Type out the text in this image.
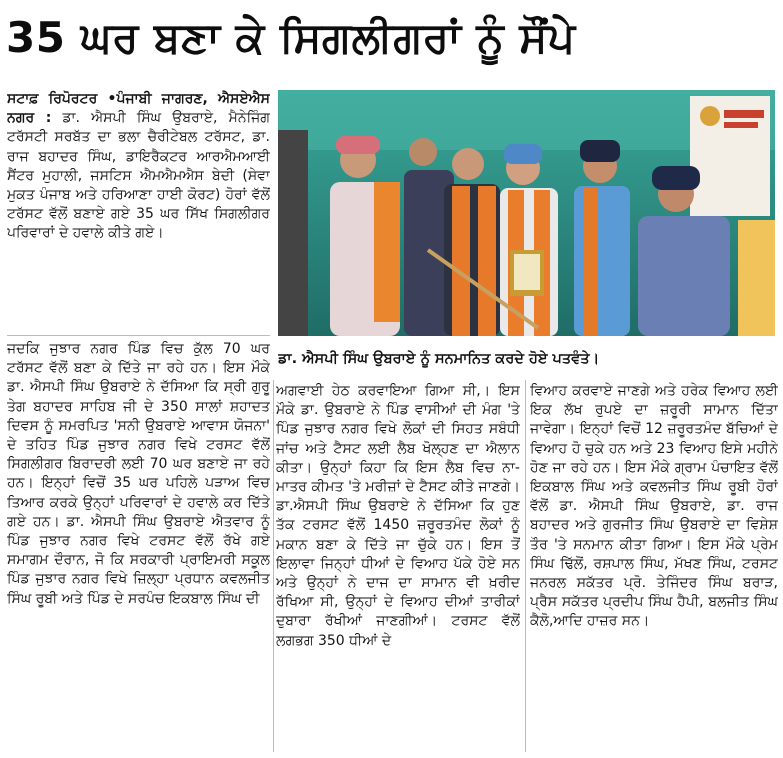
35 ਘਰ ਬਣਾ ਕੇ ਸਿਗਲੀਗਰਾਂ ਨੂੰ ਸੌਂਪੇ

ਸਟਾਫ਼ ਰਿਪੋਰਟਰ •ਪੰਜਾਬੀ ਜਾਗਰਣ, ਐਸਏਐਸ ਨਗਰ : ਡਾ. ਐਸਪੀ ਸਿੰਘ ਉਬਰਾਏ, ਮੈਨੇਜਿੰਗ ਟਰੱਸਟੀ ਸਰਬੱਤ ਦਾ ਭਲਾ ਚੈਰੀਟੇਬਲ ਟਰੱਸਟ, ਡਾ. ਰਾਜ ਬਹਾਦਰ ਸਿੰਘ, ਡਾਇਰੈਕਟਰ ਆਰਐਮਆਈ ਸੈਂਟਰ ਮੁਹਾਲੀ, ਜਸਟਿਸ ਐਮਐਮਐਸ ਬੇਦੀ (ਸੇਵਾ ਮੁਕਤ ਪੰਜਾਬ ਅਤੇ ਹਰਿਆਣਾ ਹਾਈ ਕੋਰਟ) ਹੋਰਾਂ ਵੱਲੋਂ ਟਰੱਸਟ ਵੱਲੋਂ ਬਣਾਏ ਗਏ 35 ਘਰ ਸਿੱਖ ਸਿਗਲੀਗਰ ਪਰਿਵਾਰਾਂ ਦੇ ਹਵਾਲੇ ਕੀਤੇ ਗਏ।

ਡਾ. ਐਸਪੀ ਸਿੰਘ ਉਬਰਾਏ ਨੂੰ ਸਨਮਾਨਿਤ ਕਰਦੇ ਹੋਏ ਪਤਵੰਤੇ।

ਜਦਕਿ ਜੁਝਾਰ ਨਗਰ ਪਿੰਡ ਵਿਚ ਕੁੱਲ 70 ਘਰ ਟਰੱਸਟ ਵੱਲੋਂ ਬਣਾ ਕੇ ਦਿੱਤੇ ਜਾ ਰਹੇ ਹਨ। ਇਸ ਮੌਕੇ ਡਾ. ਐਸਪੀ ਸਿੰਘ ਉਬਰਾਏ ਨੇ ਦੱਸਿਆ ਕਿ ਸ੍ਰੀ ਗੁਰੂ ਤੇਗ ਬਹਾਦਰ ਸਾਹਿਬ ਜੀ ਦੇ 350 ਸਾਲਾਂ ਸ਼ਹਾਦਤ ਦਿਵਸ ਨੂੰ ਸਮਰਪਿਤ 'ਸਨੀ ਉਬਰਾਏ ਆਵਾਸ ਯੋਜਨਾ' ਦੇ ਤਹਿਤ ਪਿੰਡ ਜੁਝਾਰ ਨਗਰ ਵਿਖੇ ਟਰਸਟ ਵੱਲੋਂ ਸਿਗਲੀਗਰ ਬਿਰਾਦਰੀ ਲਈ 70 ਘਰ ਬਣਾਏ ਜਾ ਰਹੇ ਹਨ। ਇਨ੍ਹਾਂ ਵਿਚੋਂ 35 ਘਰ ਪਹਿਲੇ ਪੜਾਅ ਵਿਚ ਤਿਆਰ ਕਰਕੇ ਉਨ੍ਹਾਂ ਪਰਿਵਾਰਾਂ ਦੇ ਹਵਾਲੇ ਕਰ ਦਿੱਤੇ ਗਏ ਹਨ। ਡਾ. ਐਸਪੀ ਸਿੰਘ ਉਬਰਾਏ ਐਤਵਾਰ ਨੂੰ ਪਿੰਡ ਜੁਝਾਰ ਨਗਰ ਵਿਖੇ ਟਰਸਟ ਵੱਲੋਂ ਰੱਖੇ ਗਏ ਸਮਾਗਮ ਦੌਰਾਨ, ਜੋ ਕਿ ਸਰਕਾਰੀ ਪ੍ਰਾਇਮਰੀ ਸਕੂਲ ਪਿੰਡ ਜੁਝਾਰ ਨਗਰ ਵਿਖੇ ਜ਼ਿਲ੍ਹਾ ਪ੍ਰਧਾਨ ਕਵਲਜੀਤ ਸਿੰਘ ਰੂਬੀ ਅਤੇ ਪਿੰਡ ਦੇ ਸਰਪੰਚ ਇਕਬਾਲ ਸਿੰਘ ਦੀ

ਅਗਵਾਈ ਹੇਠ ਕਰਵਾਇਆ ਗਿਆ ਸੀ,। ਇਸ ਮੌਕੇ ਡਾ. ਉਬਰਾਏ ਨੇ ਪਿੰਡ ਵਾਸੀਆਂ ਦੀ ਮੰਗ 'ਤੇ ਪਿੰਡ ਜੁਝਾਰ ਨਗਰ ਵਿਖੇ ਲੋਕਾਂ ਦੀ ਸਿਹਤ ਸਬੰਧੀ ਜਾਂਚ ਅਤੇ ਟੈਸਟ ਲਈ ਲੈਬ ਖੋਲ੍ਹਣ ਦਾ ਐਲਾਨ ਕੀਤਾ। ਉਨ੍ਹਾਂ ਕਿਹਾ ਕਿ ਇਸ ਲੈਬ ਵਿਚ ਨਾ-ਮਾਤਰ ਕੀਮਤ 'ਤੇ ਮਰੀਜ਼ਾਂ ਦੇ ਟੈਸਟ ਕੀਤੇ ਜਾਣਗੇ। ਡਾ.ਐਸਪੀ ਸਿੰਘ ਉਬਰਾਏ ਨੇ ਦੱਸਿਆ ਕਿ ਹੁਣ ਤੱਕ ਟਰਸਟ ਵੱਲੋਂ 1450 ਜ਼ਰੂਰਤਮੰਦ ਲੋਕਾਂ ਨੂੰ ਮਕਾਨ ਬਣਾ ਕੇ ਦਿੱਤੇ ਜਾ ਚੁੱਕੇ ਹਨ। ਇਸ ਤੋਂ ਇਲਾਵਾ ਜਿਨ੍ਹਾਂ ਧੀਆਂ ਦੇ ਵਿਆਹ ਪੱਕੇ ਹੋਏ ਸਨ ਅਤੇ ਉਨ੍ਹਾਂ ਨੇ ਦਾਜ ਦਾ ਸਾਮਾਨ ਵੀ ਖ਼ਰੀਦ ਰੱਖਿਆ ਸੀ, ਉਨ੍ਹਾਂ ਦੇ ਵਿਆਹ ਦੀਆਂ ਤਾਰੀਕਾਂ ਦੁਬਾਰਾ ਰੱਖੀਆਂ ਜਾਣਗੀਆਂ। ਟਰਸਟ ਵੱਲੋਂ ਲਗਭਗ 350 ਧੀਆਂ ਦੇ

ਵਿਆਹ ਕਰਵਾਏ ਜਾਣਗੇ ਅਤੇ ਹਰੇਕ ਵਿਆਹ ਲਈ ਇਕ ਲੱਖ ਰੁਪਏ ਦਾ ਜ਼ਰੂਰੀ ਸਾਮਾਨ ਦਿੱਤਾ ਜਾਵੇਗਾ। ਇਨ੍ਹਾਂ ਵਿਚੋਂ 12 ਜ਼ਰੂਰਤਮੰਦ ਬੱਚਿਆਂ ਦੇ ਵਿਆਹ ਹੋ ਚੁਕੇ ਹਨ ਅਤੇ 23 ਵਿਆਹ ਇਸੇ ਮਹੀਨੇ ਹੋਣ ਜਾ ਰਹੇ ਹਨ। ਇਸ ਮੌਕੇ ਗ੍ਰਾਮ ਪੰਚਾਇਤ ਵੱਲੋਂ ਇਕਬਾਲ ਸਿੰਘ ਅਤੇ ਕਵਲਜੀਤ ਸਿੰਘ ਰੂਬੀ ਹੋਰਾਂ ਵੱਲੋਂ ਡਾ. ਐਸਪੀ ਸਿੰਘ ਉਬਰਾਏ, ਡਾ. ਰਾਜ ਬਹਾਦਰ ਅਤੇ ਗੁਰਜੀਤ ਸਿੰਘ ਉਬਰਾਏ ਦਾ ਵਿਸ਼ੇਸ਼ ਤੌਰ 'ਤੇ ਸਨਮਾਨ ਕੀਤਾ ਗਿਆ। ਇਸ ਮੌਕੇ ਪ੍ਰੇਮ ਸਿੰਘ ਢਿੱਲੋਂ, ਰਸ਼ਪਾਲ ਸਿੰਘ, ਮੱਖਣ ਸਿੰਘ, ਟਰਸਟ ਜਨਰਲ ਸਕੱਤਰ ਪ੍ਰੋ. ਤੇਜਿੰਦਰ ਸਿੰਘ ਬਰਾੜ, ਪ੍ਰੈਸ ਸਕੱਤਰ ਪ੍ਰਦੀਪ ਸਿੰਘ ਹੈਪੀ, ਬਲਜੀਤ ਸਿੰਘ ਕੈਲੋ,ਆਦਿ ਹਾਜ਼ਰ ਸਨ।
